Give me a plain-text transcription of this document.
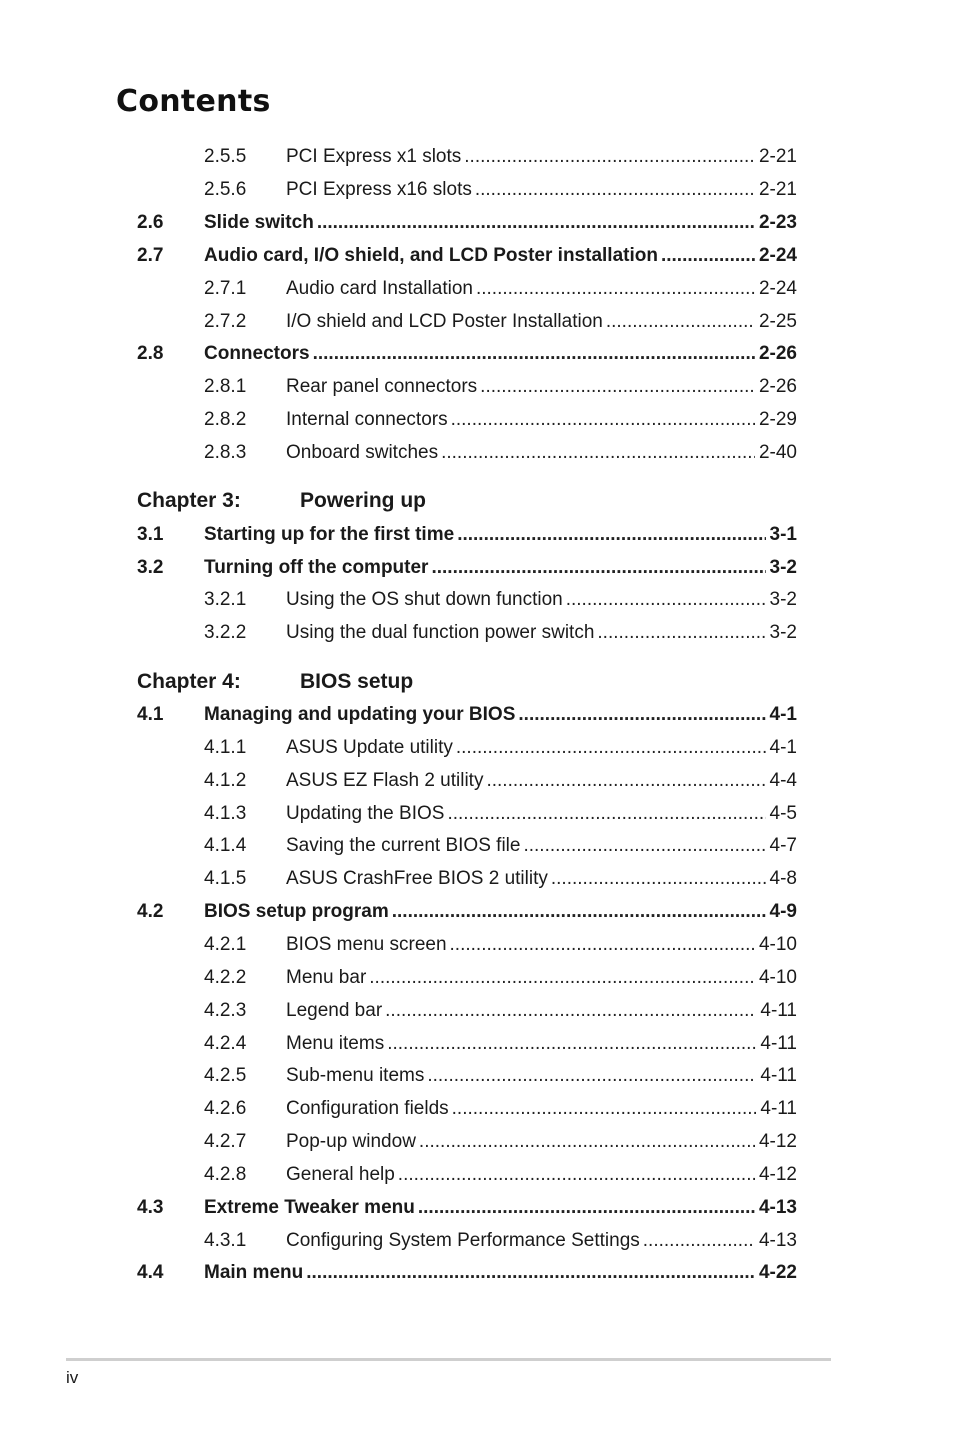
Contents
2.5.5 PCI Express x1 slots .....	2-21
2.5.6 PCI Express x16 slots .....	2-21
2.6 Slide switch .....	2-23
2.7 Audio card, I/O shield, and LCD Poster installation .....	2-24
2.7.1 Audio card Installation .....	2-24
2.7.2 I/O shield and LCD Poster Installation .....	2-25
2.8 Connectors .....	2-26
2.8.1 Rear panel connectors .....	2-26
2.8.2 Internal connectors .....	2-29
2.8.3 Onboard switches .....	2-40
Chapter 3:	Powering up
3.1 Starting up for the first time .....	3-1
3.2 Turning off the computer .....	3-2
3.2.1 Using the OS shut down function .....	3-2
3.2.2 Using the dual function power switch .....	3-2
Chapter 4:	BIOS setup
4.1 Managing and updating your BIOS .....	4-1
4.1.1 ASUS Update utility .....	4-1
4.1.2 ASUS EZ Flash 2 utility .....	4-4
4.1.3 Updating the BIOS .....	4-5
4.1.4 Saving the current BIOS file .....	4-7
4.1.5 ASUS CrashFree BIOS 2 utility .....	4-8
4.2 BIOS setup program .....	4-9
4.2.1 BIOS menu screen .....	4-10
4.2.2 Menu bar .....	4-10
4.2.3 Legend bar .....	4-11
4.2.4 Menu items .....	4-11
4.2.5 Sub-menu items .....	4-11
4.2.6 Configuration fields .....	4-11
4.2.7 Pop-up window .....	4-12
4.2.8 General help .....	4-12
4.3 Extreme Tweaker menu .....	4-13
4.3.1 Configuring System Performance Settings .....	4-13
4.4 Main menu .....	4-22
iv
